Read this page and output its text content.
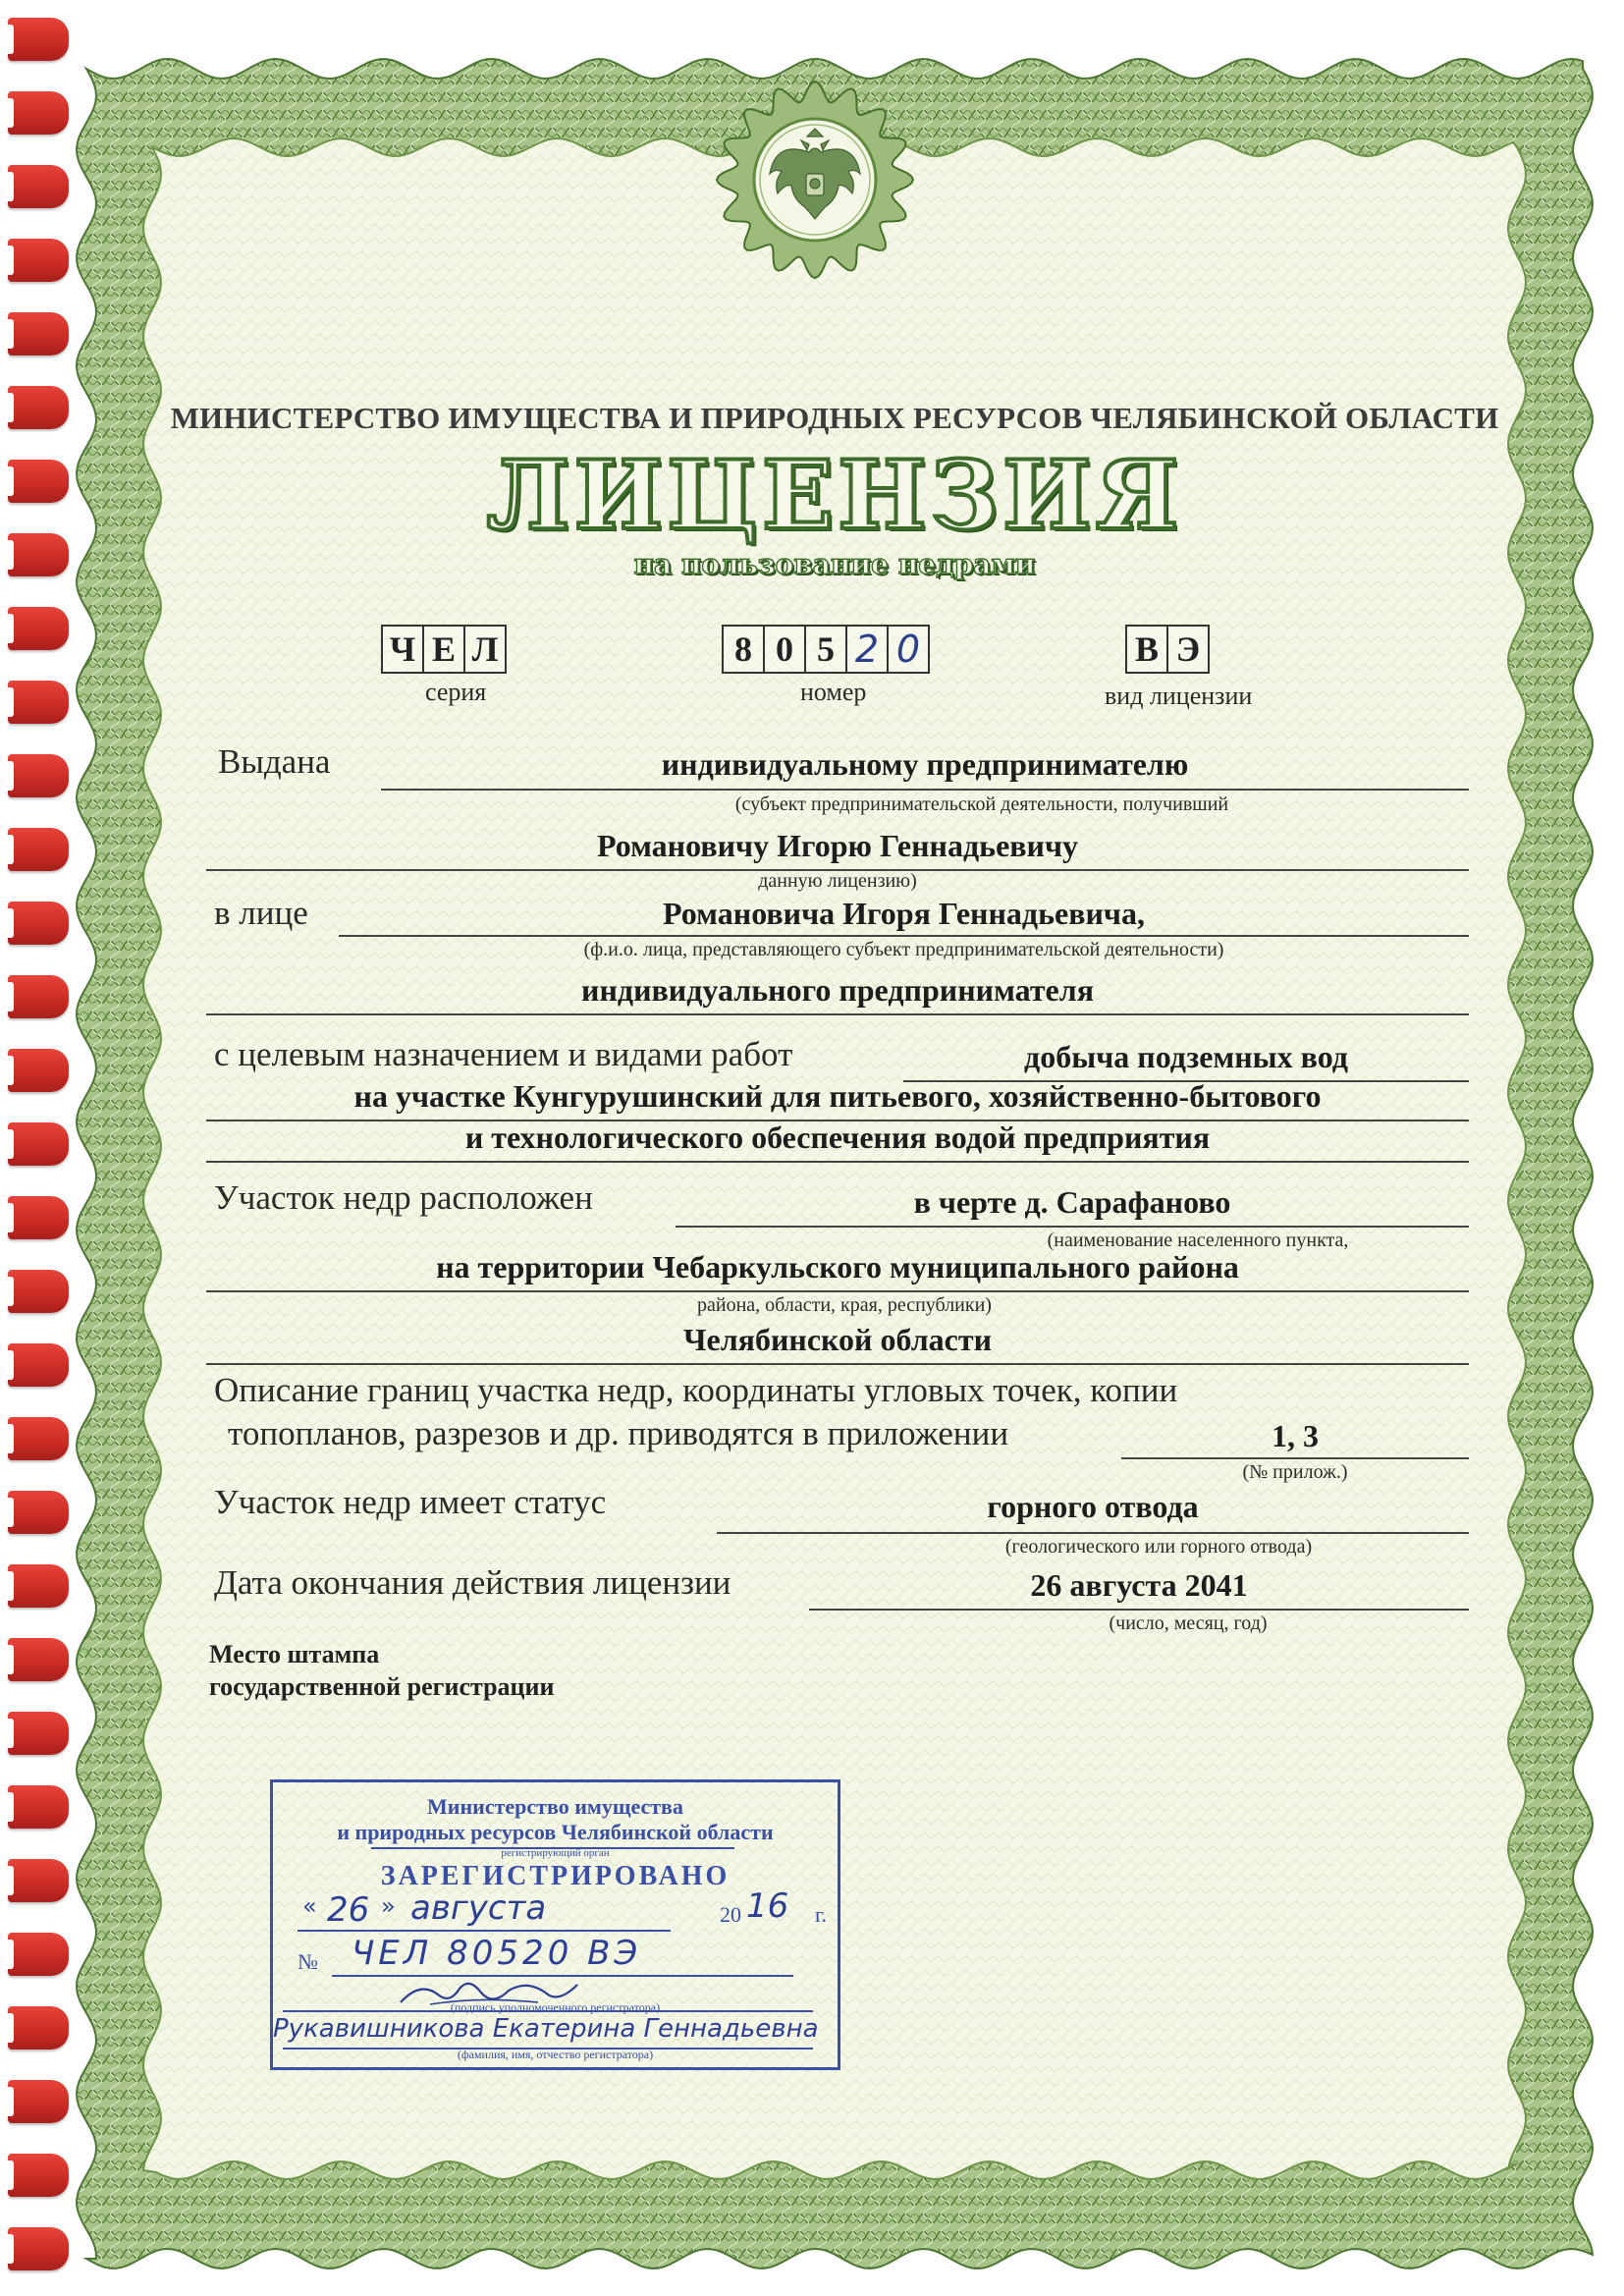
МИНИСТЕРСТВО ИМУЩЕСТВА И ПРИРОДНЫХ РЕСУРСОВ ЧЕЛЯБИНСКОЙ ОБЛАСТИ
ЛИЦЕНЗИЯ
на пользование недрами
Ч Е Л
серия
8 0 5 2 0
номер
В Э
вид лицензии
Выдана	индивидуальному предпринимателю
(субъект предпринимательской деятельности, получивший
Романовичу Игорю Геннадьевичу
данную лицензию)
в лице	Романовича Игоря Геннадьевича,
(ф.и.о. лица, представляющего субъект предпринимательской деятельности)
индивидуального предпринимателя
с целевым назначением и видами работ	добыча подземных вод
на участке Кунгурушинский для питьевого, хозяйственно-бытового
и технологического обеспечения водой предприятия
Участок недр расположен	в черте д. Сарафаново
(наименование населенного пункта,
на территории Чебаркульского муниципального района
района, области, края, республики)
Челябинской области
Описание границ участка недр, координаты угловых точек, копии
топопланов, разрезов и др. приводятся в приложении	1, 3
(№ прилож.)
Участок недр имеет статус	горного отвода
(геологического или горного отвода)
Дата окончания действия лицензии	26 августа 2041
(число, месяц, год)
Место штампа
государственной регистрации
Министерство имущества
и природных ресурсов Челябинской области
регистрирующий орган
ЗАРЕГИСТРИРОВАНО
« 26 » августа	20 16 г.
№ ЧЕЛ 80520 ВЭ
(подпись уполномоченного регистратора)
Рукавишникова Екатерина Геннадьевна
(фамилия, имя, отчество регистратора)
